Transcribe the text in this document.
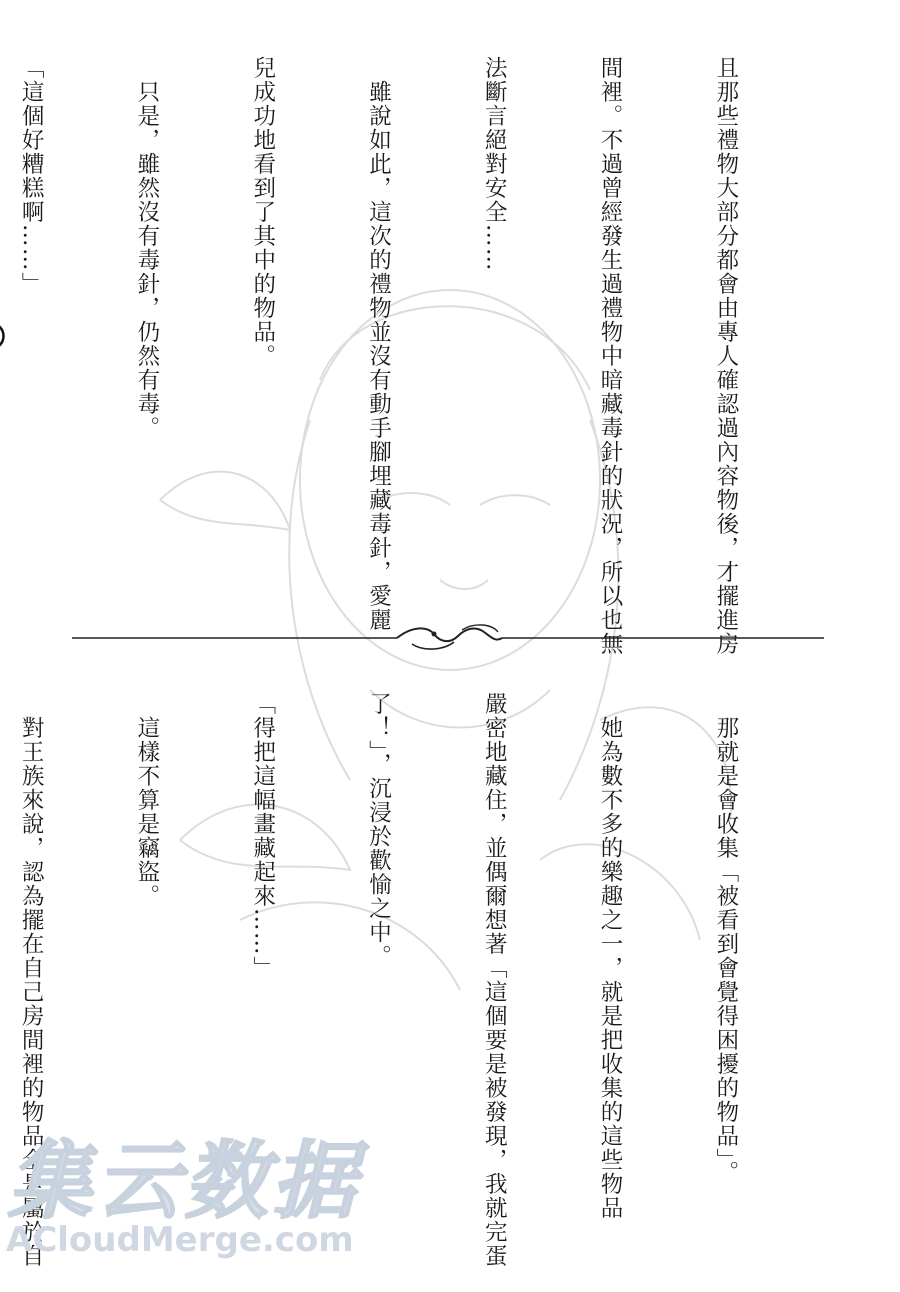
且那些禮物大部分都會由專人確認過內容物後，才擺進房

間裡。不過曾經發生過禮物中暗藏毒針的狀況，所以也無

法斷言絕對安全……

　雖說如此，這次的禮物並沒有動手腳埋藏毒針，愛麗

兒成功地看到了其中的物品。

　只是，雖然沒有毒針，仍然有毒。

「這個好糟糕啊……」

　那就是會收集「被看到會覺得困擾的物品」。

　她為數不多的樂趣之一，就是把收集的這些物品

嚴密地藏住，並偶爾想著「這個要是被發現，我就完蛋

了！」，沉浸於歡愉之中。

「得把這幅畫藏起來……」

　這樣不算是竊盜。

　對王族來說，認為擺在自己房間裡的物品全是屬於自

集云数据
ACloudMerge.com
